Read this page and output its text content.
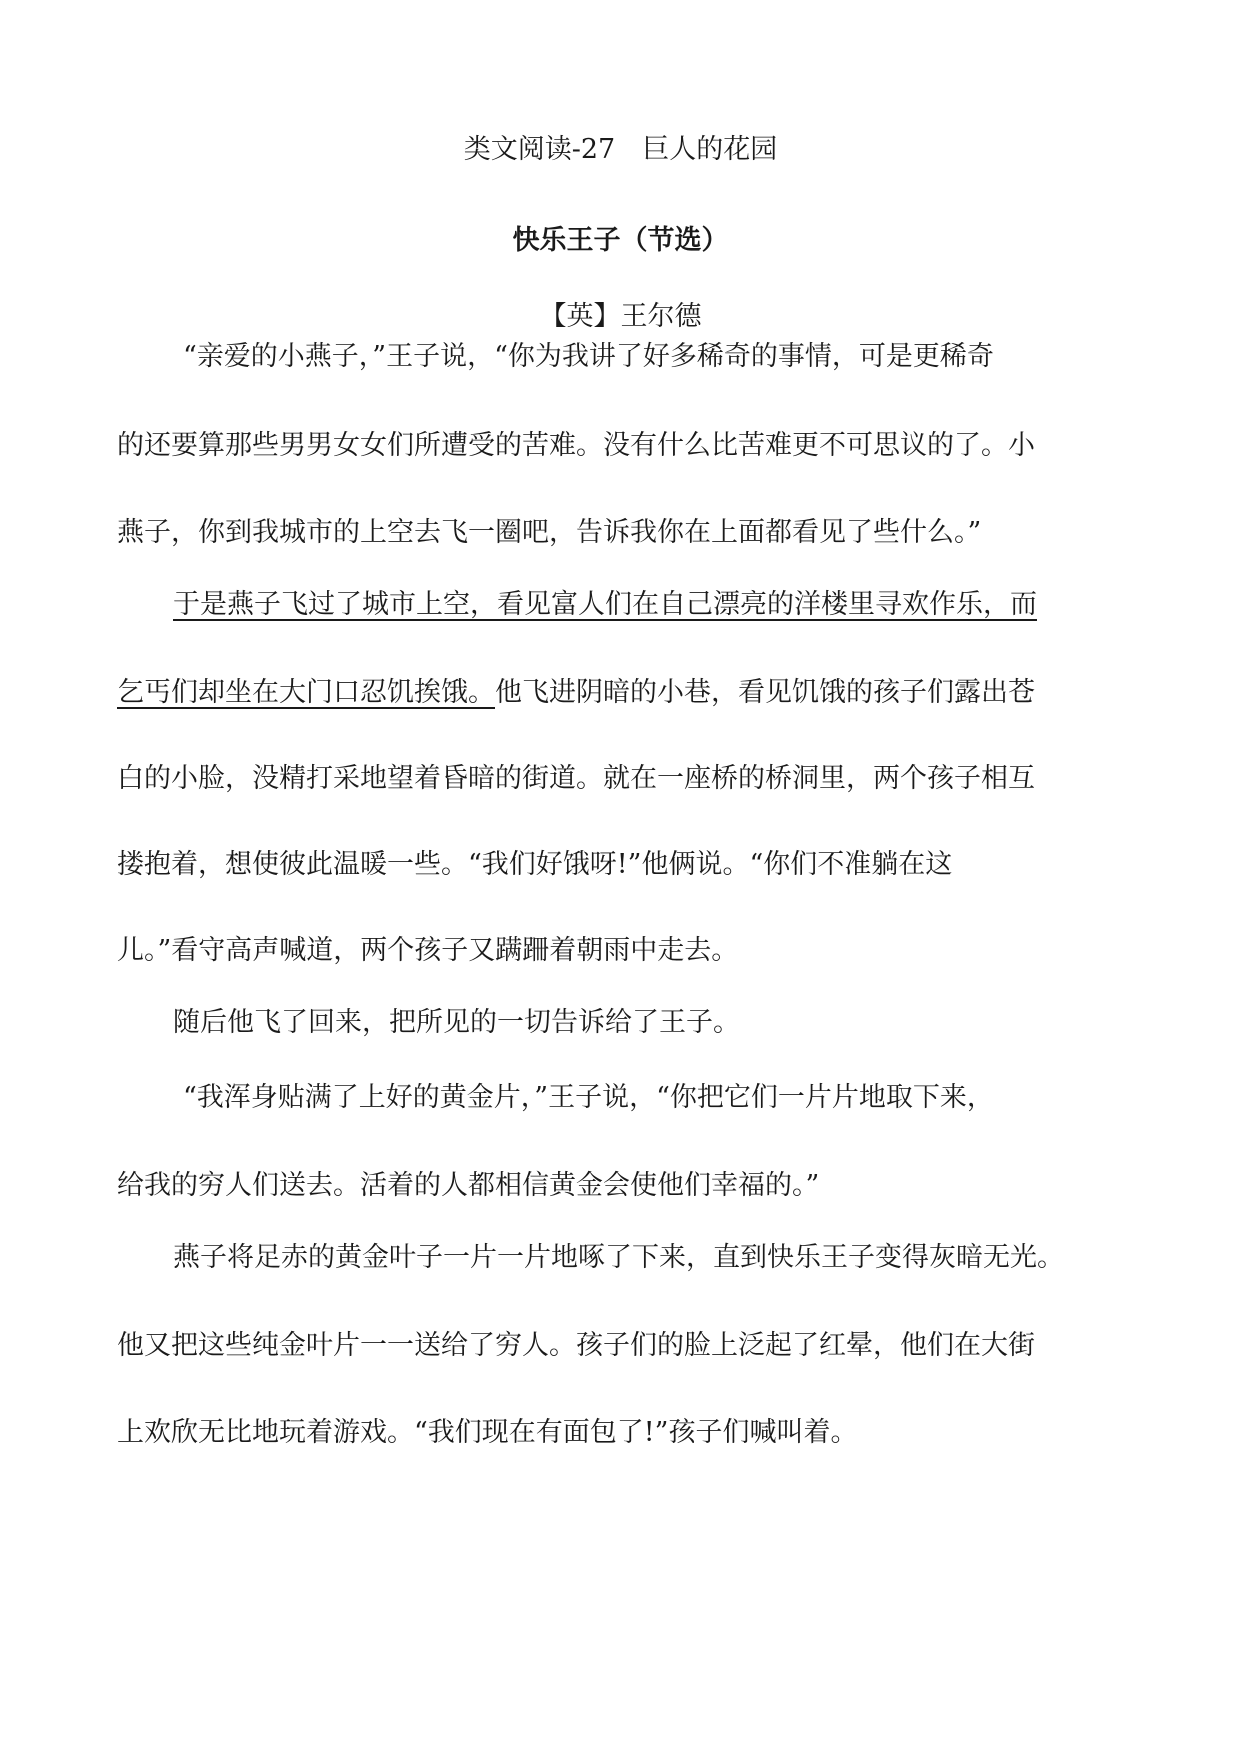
类文阅读-27　巨人的花园
快乐王子（节选）
【英】王尔德
“亲爱的小燕子，”王子说，“你为我讲了好多稀奇的事情，可是更稀奇
的还要算那些男男女女们所遭受的苦难。没有什么比苦难更不可思议的了。小
燕子，你到我城市的上空去飞一圈吧，告诉我你在上面都看见了些什么。”
于是燕子飞过了城市上空，看见富人们在自己漂亮的洋楼里寻欢作乐，而
乞丐们却坐在大门口忍饥挨饿。他飞进阴暗的小巷，看见饥饿的孩子们露出苍
白的小脸，没精打采地望着昏暗的街道。就在一座桥的桥洞里，两个孩子相互
搂抱着，想使彼此温暖一些。“我们好饿呀!”他俩说。“你们不准躺在这
儿。”看守高声喊道，两个孩子又蹒跚着朝雨中走去。
随后他飞了回来，把所见的一切告诉给了王子。
“我浑身贴满了上好的黄金片，”王子说，“你把它们一片片地取下来，
给我的穷人们送去。活着的人都相信黄金会使他们幸福的。”
燕子将足赤的黄金叶子一片一片地啄了下来，直到快乐王子变得灰暗无光。
他又把这些纯金叶片一一送给了穷人。孩子们的脸上泛起了红晕，他们在大街
上欢欣无比地玩着游戏。“我们现在有面包了!”孩子们喊叫着。
